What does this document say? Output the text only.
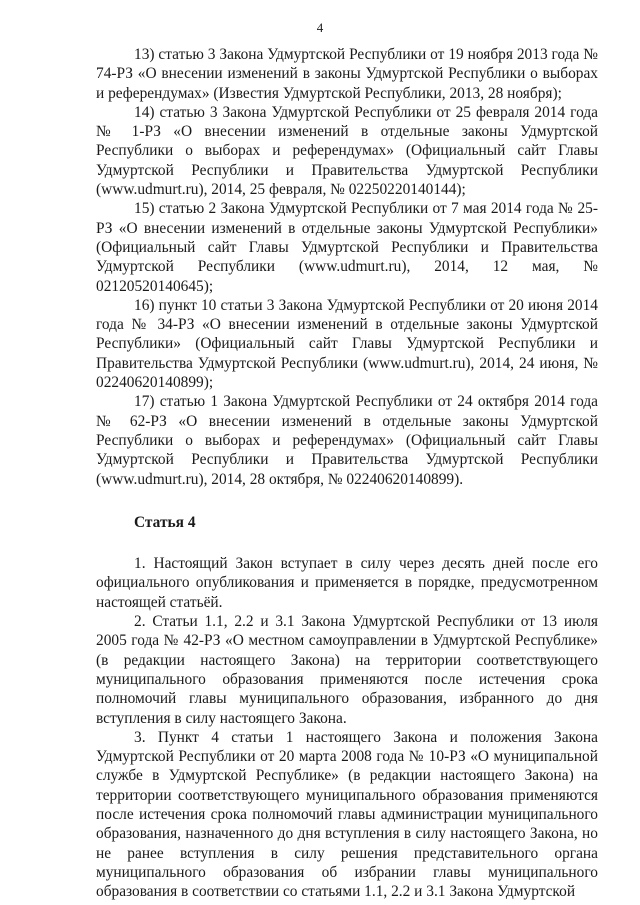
4

13) статью 3 Закона Удмуртской Республики от 19 ноября 2013 года № 74-РЗ «О внесении изменений в законы Удмуртской Республики о выборах и референдумах» (Известия Удмуртской Республики, 2013, 28 ноября);

14) статью 3 Закона Удмуртской Республики от 25 февраля 2014 года № 1-РЗ «О внесении изменений в отдельные законы Удмуртской Республики о выборах и референдумах» (Официальный сайт Главы Удмуртской Республики и Правительства Удмуртской Республики (www.udmurt.ru), 2014, 25 февраля, № 02250220140144);

15) статью 2 Закона Удмуртской Республики от 7 мая 2014 года № 25-РЗ «О внесении изменений в отдельные законы Удмуртской Республики» (Официальный сайт Главы Удмуртской Республики и Правительства Удмуртской Республики (www.udmurt.ru), 2014, 12 мая, № 02120520140645);

16) пункт 10 статьи 3 Закона Удмуртской Республики от 20 июня 2014 года № 34-РЗ «О внесении изменений в отдельные законы Удмуртской Республики» (Официальный сайт Главы Удмуртской Республики и Правительства Удмуртской Республики (www.udmurt.ru), 2014, 24 июня, № 02240620140899);

17) статью 1 Закона Удмуртской Республики от 24 октября 2014 года № 62-РЗ «О внесении изменений в отдельные законы Удмуртской Республики о выборах и референдумах» (Официальный сайт Главы Удмуртской Республики и Правительства Удмуртской Республики (www.udmurt.ru), 2014, 28 октября, № 02240620140899).

Статья 4

1. Настоящий Закон вступает в силу через десять дней после его официального опубликования и применяется в порядке, предусмотренном настоящей статьёй.

2. Статьи 1.1, 2.2 и 3.1 Закона Удмуртской Республики от 13 июля 2005 года № 42-РЗ «О местном самоуправлении в Удмуртской Республике» (в редакции настоящего Закона) на территории соответствующего муниципального образования применяются после истечения срока полномочий главы муниципального образования, избранного до дня вступления в силу настоящего Закона.

3. Пункт 4 статьи 1 настоящего Закона и положения Закона Удмуртской Республики от 20 марта 2008 года № 10-РЗ «О муниципальной службе в Удмуртской Республике» (в редакции настоящего Закона) на территории соответствующего муниципального образования применяются после истечения срока полномочий главы администрации муниципального образования, назначенного до дня вступления в силу настоящего Закона, но не ранее вступления в силу решения представительного органа муниципального образования об избрании главы муниципального образования в соответствии со статьями 1.1, 2.2 и 3.1 Закона Удмуртской
